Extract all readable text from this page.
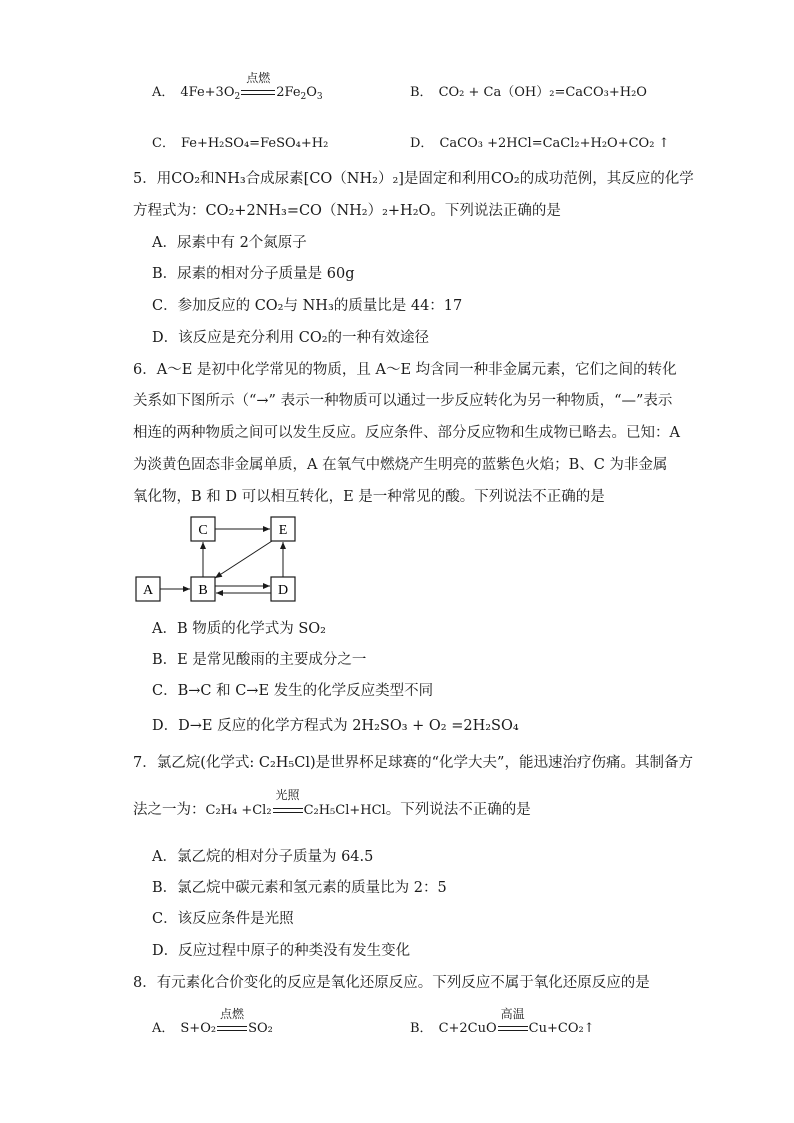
A． $4Fe+3O_2$
点燃
$2Fe_2O_3$	B． CO₂ + Ca（OH）₂=CaCO₃+H₂O
C． Fe+H₂SO₄=FeSO₄+H₂	D． CaCO₃ +2HCl=CaCl₂+H₂O+CO₂ ↑
5．用CO₂和NH₃合成尿素[CO（NH₂）₂]是固定和利用CO₂的成功范例，其反应的化学
方程式为：CO₂+2NH₃=CO（NH₂）₂+H₂O。下列说法正确的是
A．尿素中有 2个氮原子
B．尿素的相对分子质量是 60g
C．参加反应的 CO₂与 NH₃的质量比是 44：17
D．该反应是充分利用 CO₂的一种有效途径
6．A～E 是初中化学常见的物质，且 A～E 均含同一种非金属元素，它们之间的转化
关系如下图所示（“→” 表示一种物质可以通过一步反应转化为另一种物质，“—”表示
相连的两种物质之间可以发生反应。反应条件、部分反应物和生成物已略去。已知：A
为淡黄色固态非金属单质，A 在氧气中燃烧产生明亮的蓝紫色火焰；B、C 为非金属
氧化物，B 和 D 可以相互转化，E 是一种常见的酸。下列说法不正确的是
C	E
A	B	D
A．B 物质的化学式为 SO₂
B．E 是常见酸雨的主要成分之一
C．B→C 和 C→E 发生的化学反应类型不同
D．D→E 反应的化学方程式为 2H₂SO₃ + O₂ =2H₂SO₄
7．氯乙烷(化学式: C₂H₅Cl)是世界杯足球赛的“化学大夫”，能迅速治疗伤痛。其制备方
法之一为：C₂H₄ +Cl₂
光照
C₂H₅Cl+HCl。下列说法不正确的是
A．氯乙烷的相对分子质量为 64.5
B．氯乙烷中碳元素和氢元素的质量比为 2：5
C．该反应条件是光照
D．反应过程中原子的种类没有发生变化
8．有元素化合价变化的反应是氧化还原反应。下列反应不属于氧化还原反应的是
A． S+O₂
点燃
SO₂	B． C+2CuO
高温
Cu+CO₂↑
